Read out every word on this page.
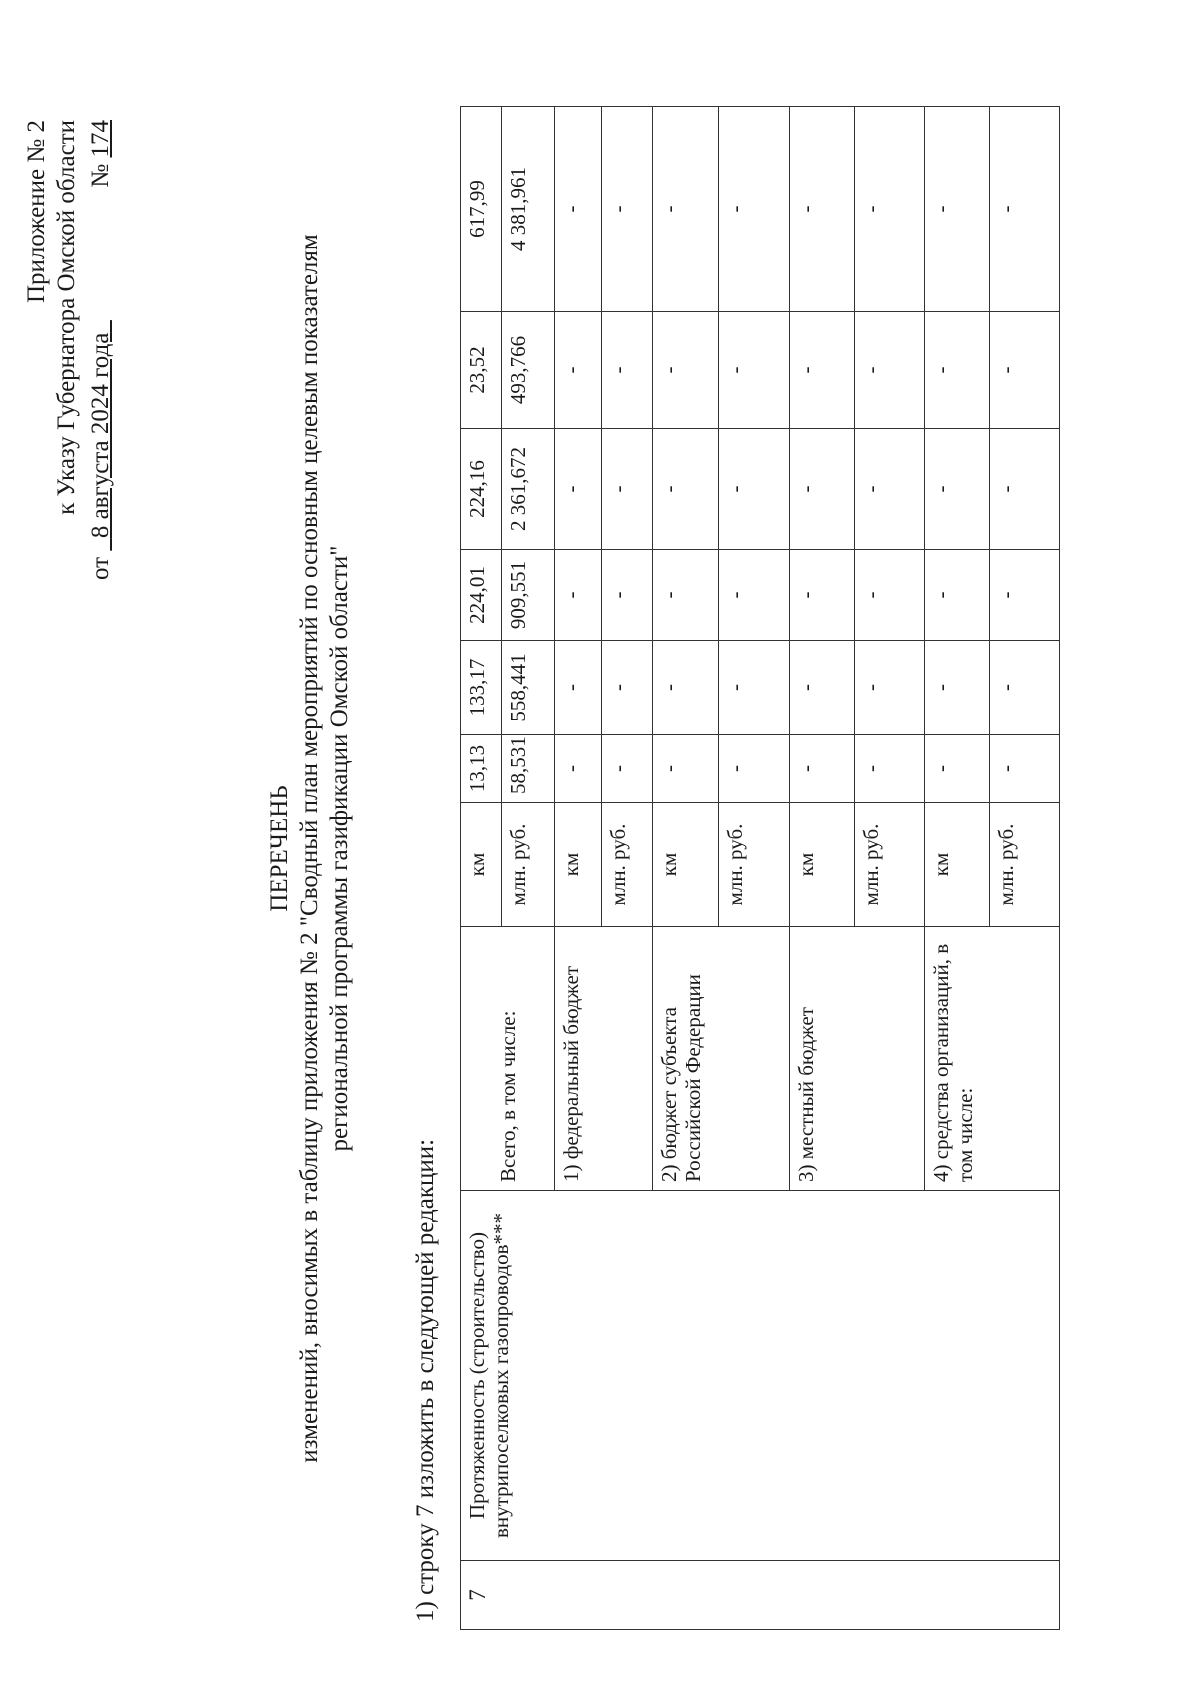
Приложение № 2 к Указу Губернатора Омской области
от   8 августа 2024 года    № 174
ПЕРЕЧЕНЬ изменений, вносимых в таблицу приложения № 2 "Сводный план мероприятий по основным целевым показателям региональной программы газификации Омской области"
1) строку 7 изложить в следующей редакции: 7	Протяженность (строительство) внутрипоселковых газопроводов***	Всего, в том числе:	км	13,13	133,17	224,01	224,16	23,52	617,99
			млн. руб.	58,531	558,441	909,551	2 361,672	493,766	4 381,961
		1) федеральный бюджет	км	-	-	-	-	-	-
			млн. руб.	-	-	-	-	-	-
		2) бюджет субъекта Российской Федерации	км	-	-	-	-	-	-
			млн. руб.	-	-	-	-	-	-
		3) местный бюджет	км	-	-	-	-	-	-
			млн. руб.	-	-	-	-	-	-
		4) средства организаций, в том числе:	км	-	-	-	-	-	-
			млн. руб.	-	-	-	-	-	-
